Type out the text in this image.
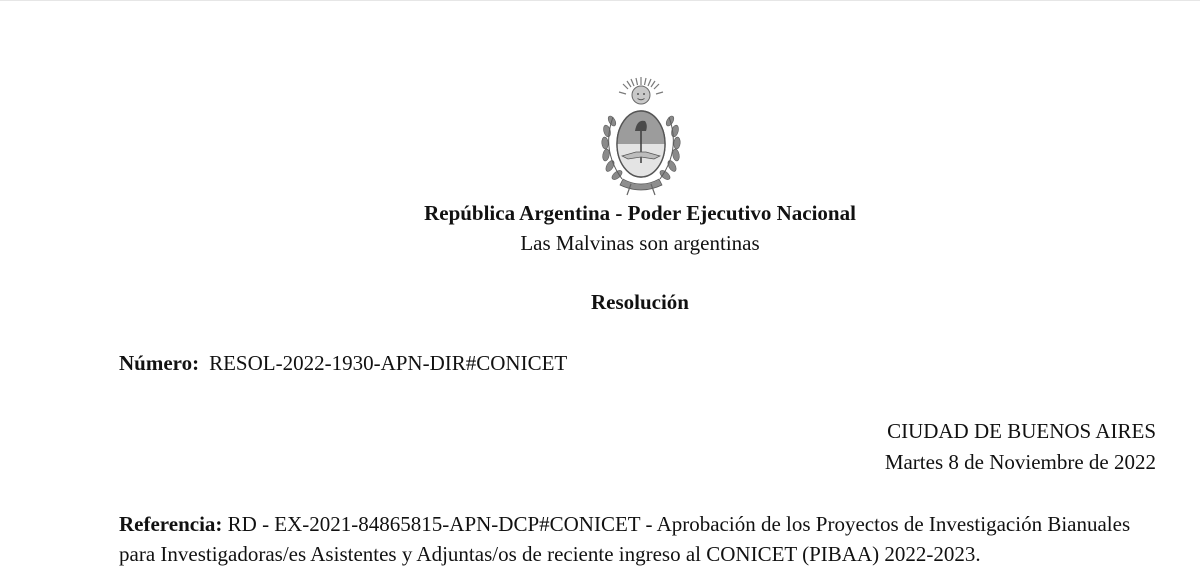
República Argentina - Poder Ejecutivo Nacional
Las Malvinas son argentinas
Resolución
Número: RESOL-2022-1930-APN-DIR#CONICET
CIUDAD DE BUENOS AIRES
Martes 8 de Noviembre de 2022
Referencia: RD - EX-2021-84865815-APN-DCP#CONICET - Aprobación de los Proyectos de Investigación Bianuales para Investigadoras/es Asistentes y Adjuntas/os de reciente ingreso al CONICET (PIBAA) 2022-2023.
